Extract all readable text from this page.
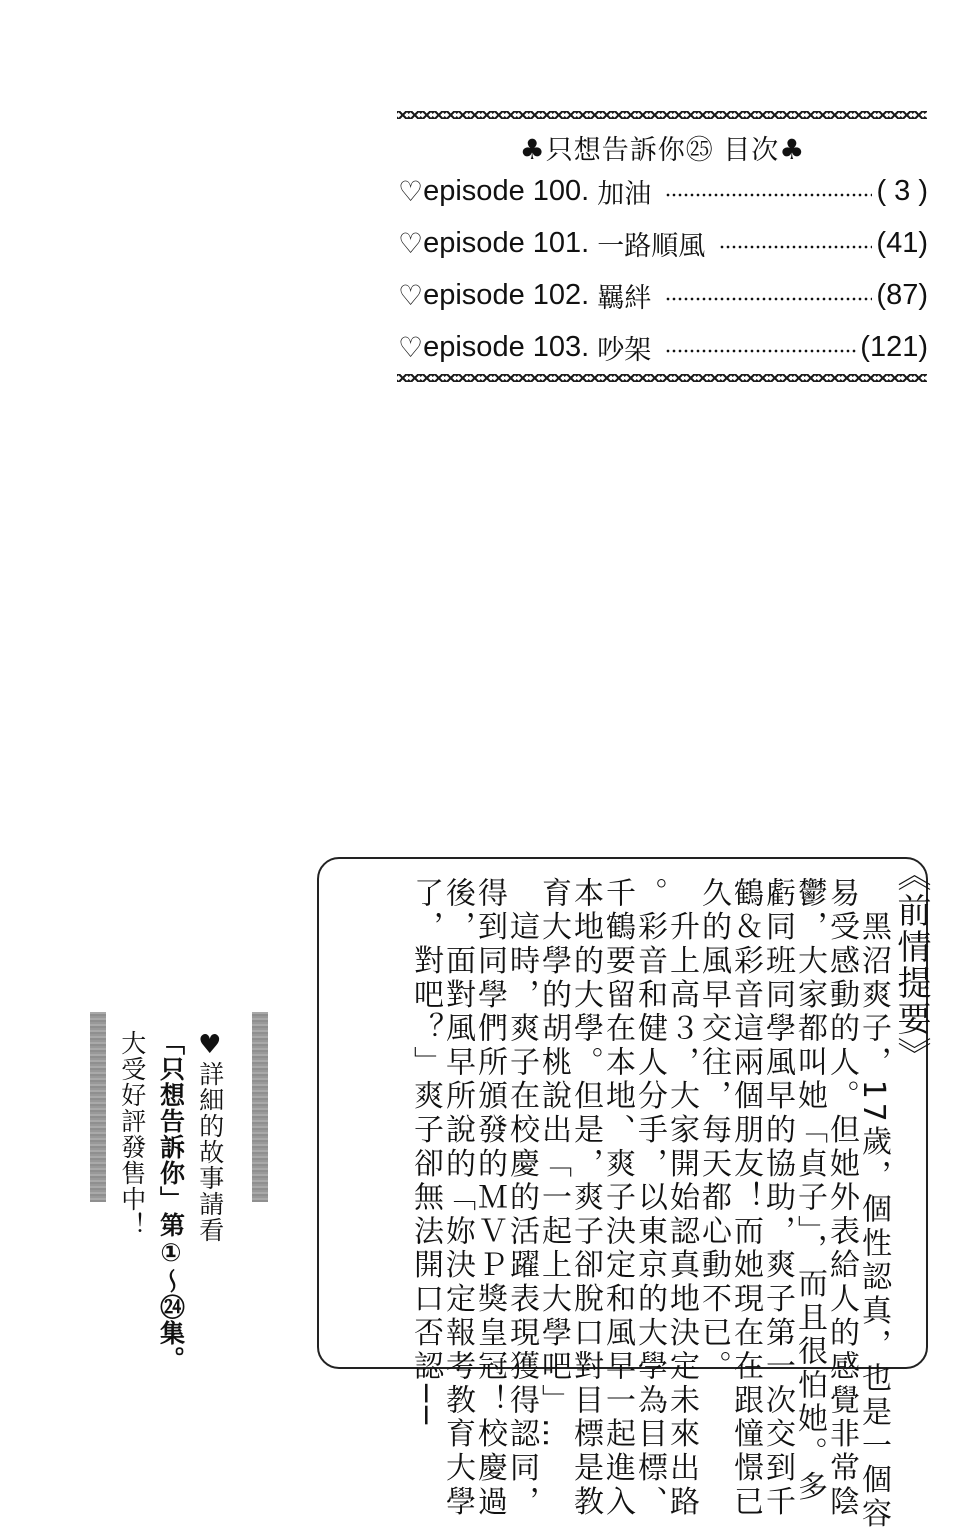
♣只想告訴你㉕ 目次♣
♡ episode 100. 加油	( 3 )
♡ episode 101. 一路順風	(41)
♡ episode 102. 羈絆	(87)
♡ episode 103. 吵架	(121)
《前情提要》
　黑沼爽子，17歲，個性認真，也是一個容
易受感動的人。但她外表給人的感覺非常陰
鬱，大家都叫她「貞子」，而且很怕她。多
虧同班同學風早的協助，爽子第一次交到千
鶴＆彩音這兩個朋友！而她現在在跟憧憬已
久的風早交往，每天都心動不已。
　升上高３，大家開始認真地決定未來出路
。彩音和健人分手，以東京的大學為目標、
千鶴要留在本地、爽子決定和風早一起進入
本地的大學。但是，爽子卻脫口對目標是教
育大學的胡桃說出「一起上大學吧」…
　這時，爽子在校慶的活躍表現獲得認同，
得到同學們所頒發的ＭＶＰ獎皇冠！校慶過
後，面對風早所說的「妳決定報考教育大學
了，對吧？」爽子卻無法開口否認──
♥詳細的故事請看
「只想告訴你」第①～㉔集。
大受好評發售中！
